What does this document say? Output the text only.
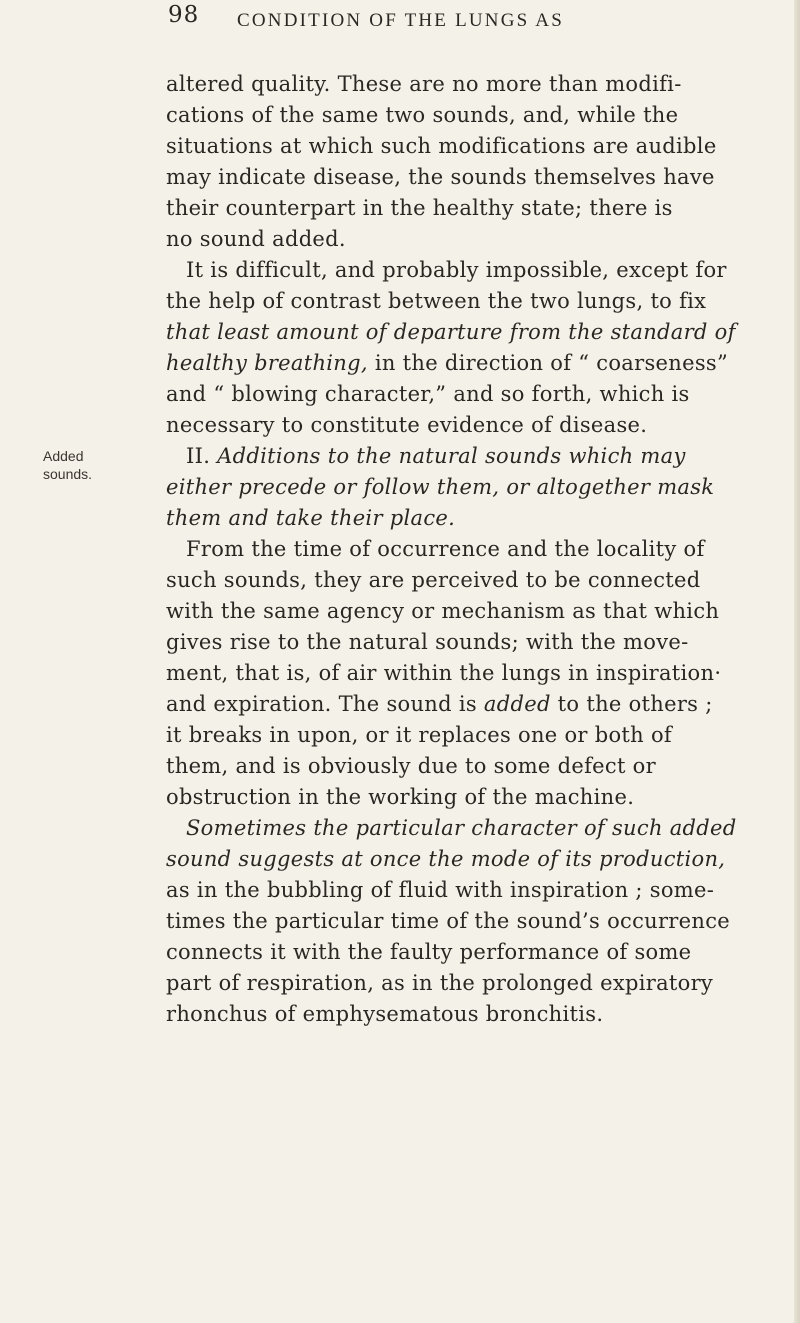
98 CONDITION OF THE LUNGS AS
Added
sounds.
altered quality. These are no more than modifi-
cations of the same two sounds, and, while the
situations at which such modifications are audible
may indicate disease, the sounds themselves have
their counterpart in the healthy state; there is
no sound added.
It is difficult, and probably impossible, except for
the help of contrast between the two lungs, to fix
that least amount of departure from the standard of
healthy breathing, in the direction of “ coarseness”
and “ blowing character,” and so forth, which is
necessary to constitute evidence of disease.
II. Additions to the natural sounds which may
either precede or follow them, or altogether mask
them and take their place.
From the time of occurrence and the locality of
such sounds, they are perceived to be connected
with the same agency or mechanism as that which
gives rise to the natural sounds; with the move-
ment, that is, of air within the lungs in inspiration·
and expiration. The sound is added to the others ;
it breaks in upon, or it replaces one or both of
them, and is obviously due to some defect or
obstruction in the working of the machine.
Sometimes the particular character of such added
sound suggests at once the mode of its production,
as in the bubbling of fluid with inspiration ; some-
times the particular time of the sound’s occurrence
connects it with the faulty performance of some
part of respiration, as in the prolonged expiratory
rhonchus of emphysematous bronchitis.
